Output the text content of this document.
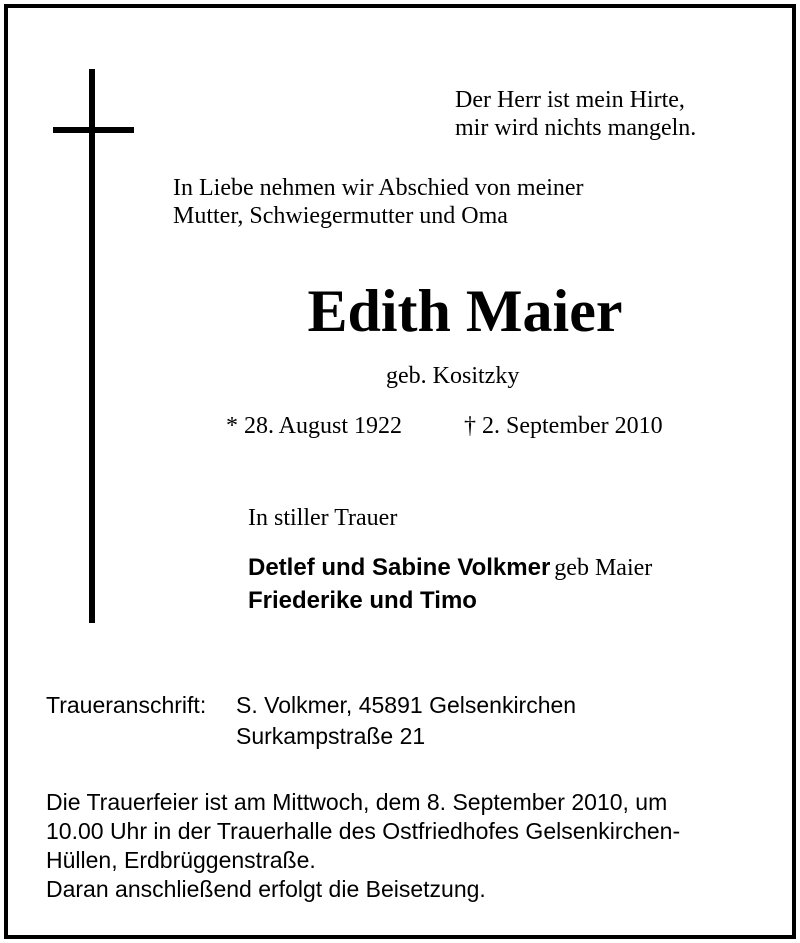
Der Herr ist mein Hirte,
mir wird nichts mangeln.
In Liebe nehmen wir Abschied von meiner
Mutter, Schwiegermutter und Oma
Edith Maier
geb. Kositzky
* 28. August 1922	† 2. September 2010
In stiller Trauer
Detlef und Sabine Volkmer geb Maier
Friederike und Timo
Traueranschrift: S. Volkmer, 45891 Gelsenkirchen
Surkampstraße 21
Die Trauerfeier ist am Mittwoch, dem 8. September 2010, um
10.00 Uhr in der Trauerhalle des Ostfriedhofes Gelsenkirchen-
Hüllen, Erdbrüggenstraße.
Daran anschließend erfolgt die Beisetzung.
